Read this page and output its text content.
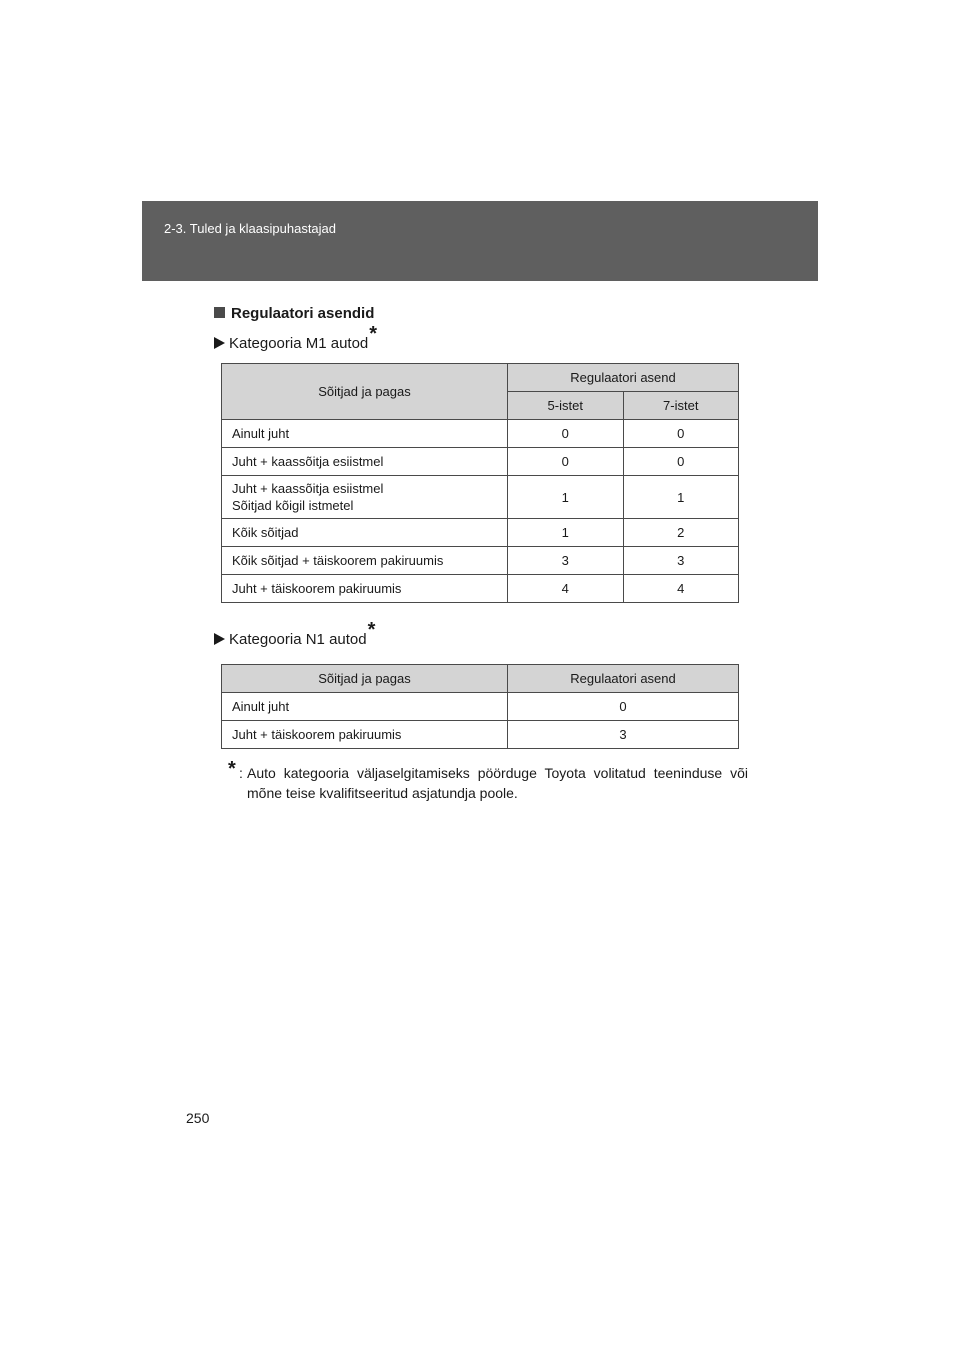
2-3. Tuled ja klaasipuhastajad
Regulaatori asendid
Kategooria M1 autod*
Sõitjad ja pagas	Regulaatori asend	
	5-istet	7-istet
Ainult juht	0	0
Juht + kaassõitja esiistmel	0	0
Juht + kaassõitja esiistmel
Sõitjad kõigil istmetel	1	1
Kõik sõitjad	1	2
Kõik sõitjad + täiskoorem pakiruumis	3	3
Juht + täiskoorem pakiruumis	4	4
Kategooria N1 autod*
Sõitjad ja pagas	Regulaatori asend
Ainult juht	0
Juht + täiskoorem pakiruumis	3
* : Auto kategooria väljaselgitamiseks pöörduge Toyota volitatud teeninduse või mõne teise kvalifitseeritud asjatundja poole.
250
